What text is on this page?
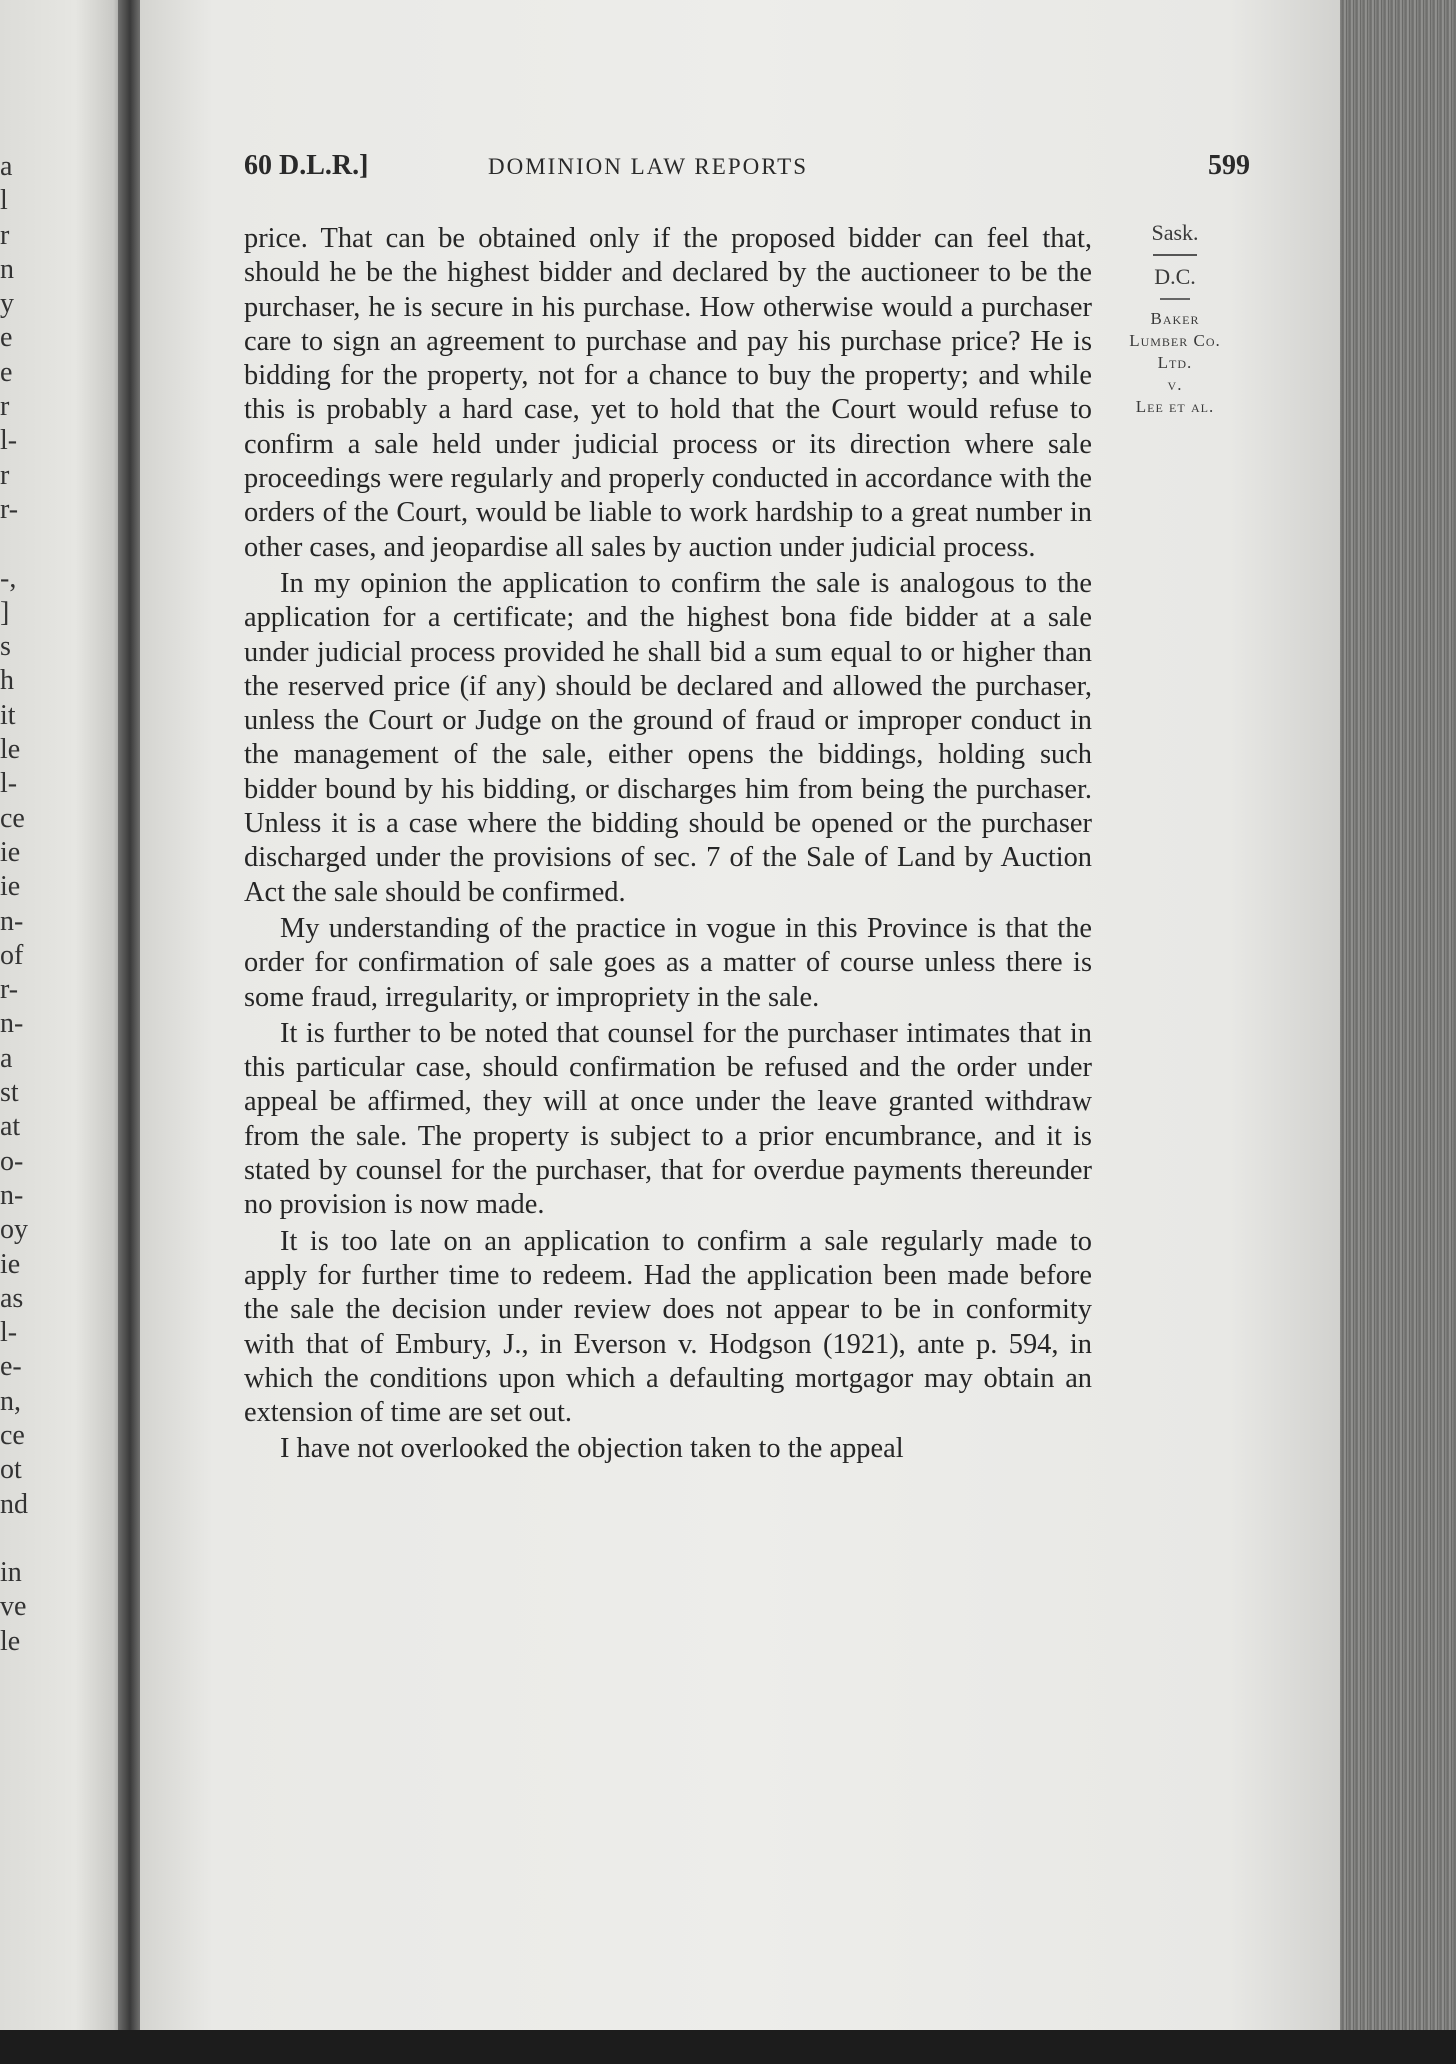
a
l
r
n
y
e
e
r
l-
r
r-

-,
]
s
h
it
le
l-
ce
ie
ie
n-
of
r-
n-
a
st
at
o-
n-
oy
ie
as
l-
e-
n,
ce
ot
nd

in
ve
le
60 D.L.R.]	DOMINION LAW REPORTS	599
Sask.
D.C.
Baker
Lumber Co.
Ltd.
v.
Lee et al.

price. That can be obtained only if the proposed bidder can feel that, should he be the highest bidder and declared by the auctioneer to be the purchaser, he is secure in his purchase. How otherwise would a purchaser care to sign an agreement to purchase and pay his purchase price? He is bidding for the property, not for a chance to buy the property; and while this is probably a hard case, yet to hold that the Court would refuse to confirm a sale held under judicial process or its direction where sale proceedings were regularly and properly conducted in accordance with the orders of the Court, would be liable to work hardship to a great number in other cases, and jeopardise all sales by auction under judicial process.

In my opinion the application to confirm the sale is analogous to the application for a certificate; and the highest bona fide bidder at a sale under judicial process provided he shall bid a sum equal to or higher than the reserved price (if any) should be declared and allowed the purchaser, unless the Court or Judge on the ground of fraud or improper conduct in the management of the sale, either opens the biddings, holding such bidder bound by his bidding, or discharges him from being the purchaser. Unless it is a case where the bidding should be opened or the purchaser discharged under the provisions of sec. 7 of the Sale of Land by Auction Act the sale should be confirmed.

My understanding of the practice in vogue in this Province is that the order for confirmation of sale goes as a matter of course unless there is some fraud, irregularity, or impropriety in the sale.

It is further to be noted that counsel for the purchaser intimates that in this particular case, should confirmation be refused and the order under appeal be affirmed, they will at once under the leave granted withdraw from the sale. The property is subject to a prior encumbrance, and it is stated by counsel for the purchaser, that for overdue payments thereunder no provision is now made.

It is too late on an application to confirm a sale regularly made to apply for further time to redeem. Had the application been made before the sale the decision under review does not appear to be in conformity with that of Embury, J., in Everson v. Hodgson (1921), ante p. 594, in which the conditions upon which a defaulting mortgagor may obtain an extension of time are set out.

I have not overlooked the objection taken to the appeal
